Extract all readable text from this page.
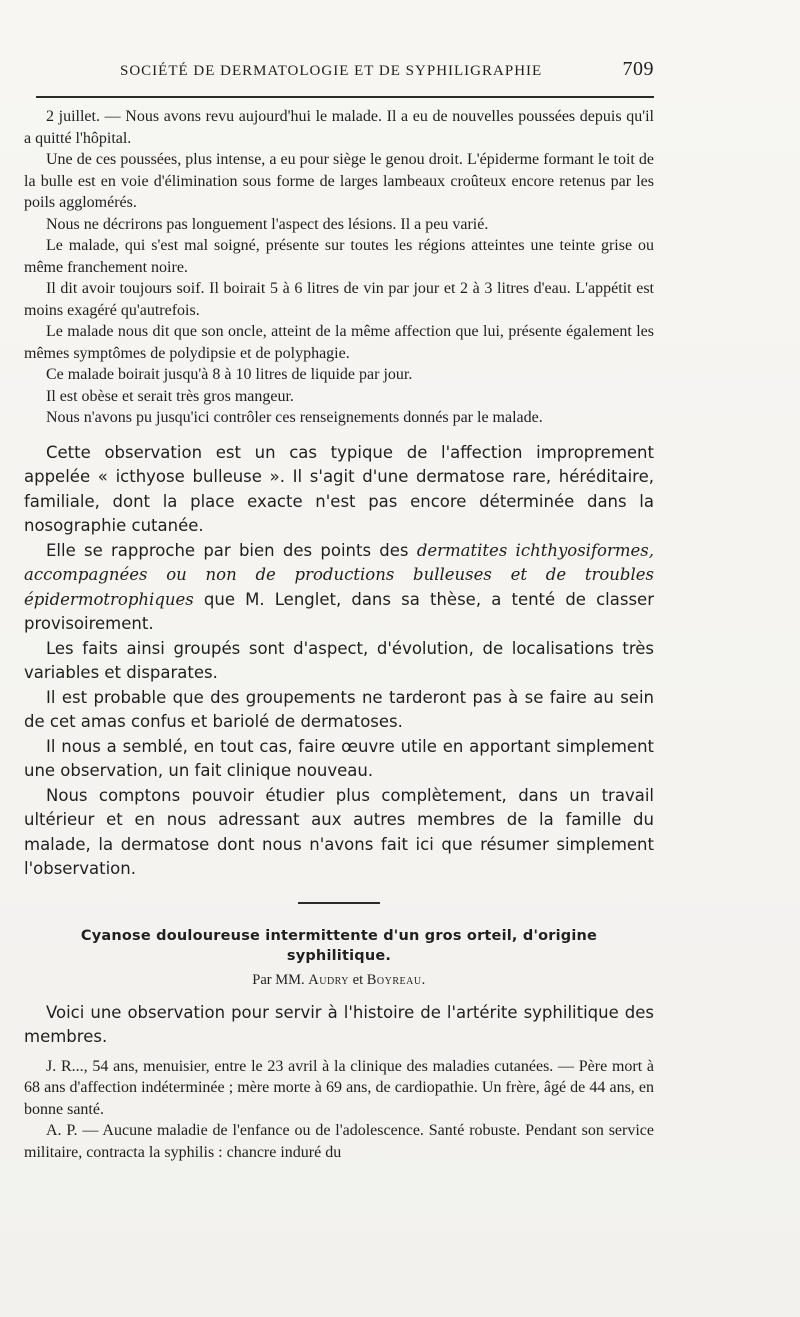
SOCIÉTÉ DE DERMATOLOGIE ET DE SYPHILIGRAPHIE	709

2 juillet. — Nous avons revu aujourd'hui le malade. Il a eu de nouvelles poussées depuis qu'il a quitté l'hôpital.

Une de ces poussées, plus intense, a eu pour siège le genou droit. L'épiderme formant le toit de la bulle est en voie d'élimination sous forme de larges lambeaux croûteux encore retenus par les poils agglomérés.

Nous ne décrirons pas longuement l'aspect des lésions. Il a peu varié.

Le malade, qui s'est mal soigné, présente sur toutes les régions atteintes une teinte grise ou même franchement noire.

Il dit avoir toujours soif. Il boirait 5 à 6 litres de vin par jour et 2 à 3 litres d'eau. L'appétit est moins exagéré qu'autrefois.

Le malade nous dit que son oncle, atteint de la même affection que lui, présente également les mêmes symptômes de polydipsie et de polyphagie.

Ce malade boirait jusqu'à 8 à 10 litres de liquide par jour.

Il est obèse et serait très gros mangeur.

Nous n'avons pu jusqu'ici contrôler ces renseignements donnés par le malade.

Cette observation est un cas typique de l'affection improprement appelée « icthyose bulleuse ». Il s'agit d'une dermatose rare, héréditaire, familiale, dont la place exacte n'est pas encore déterminée dans la nosographie cutanée.

Elle se rapproche par bien des points des dermatites ichthyosiformes, accompagnées ou non de productions bulleuses et de troubles épidermotrophiques que M. Lenglet, dans sa thèse, a tenté de classer provisoirement.

Les faits ainsi groupés sont d'aspect, d'évolution, de localisations très variables et disparates.

Il est probable que des groupements ne tarderont pas à se faire au sein de cet amas confus et bariolé de dermatoses.

Il nous a semblé, en tout cas, faire œuvre utile en apportant simplement une observation, un fait clinique nouveau.

Nous comptons pouvoir étudier plus complètement, dans un travail ultérieur et en nous adressant aux autres membres de la famille du malade, la dermatose dont nous n'avons fait ici que résumer simplement l'observation.

Cyanose douloureuse intermittente d'un gros orteil, d'origine
syphilitique.

Par MM. Audry et Boyreau.

Voici une observation pour servir à l'histoire de l'artérite syphilitique des membres.

J. R..., 54 ans, menuisier, entre le 23 avril à la clinique des maladies cutanées. — Père mort à 68 ans d'affection indéterminée ; mère morte à 69 ans, de cardiopathie. Un frère, âgé de 44 ans, en bonne santé.

A. P. — Aucune maladie de l'enfance ou de l'adolescence. Santé robuste. Pendant son service militaire, contracta la syphilis : chancre induré du
